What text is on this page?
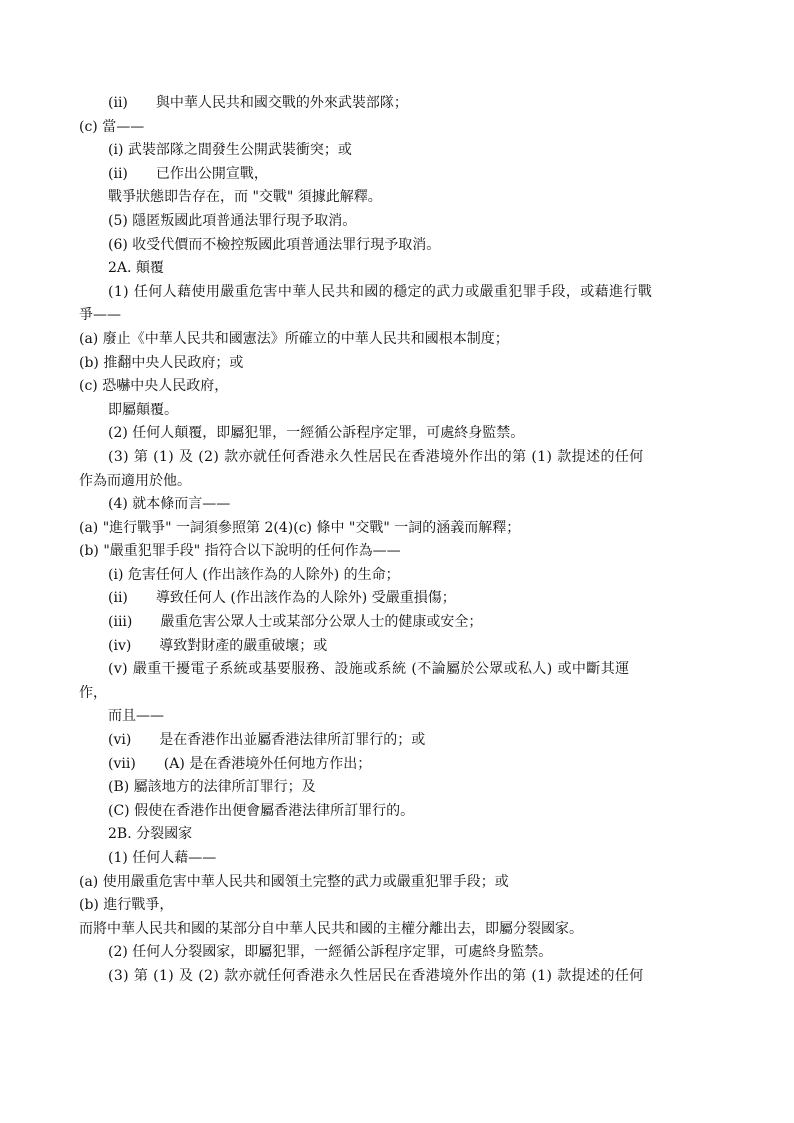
(ii)　　與中華人民共和國交戰的外來武裝部隊；
(c) 當——
(i) 武裝部隊之間發生公開武裝衝突；或
(ii)　　已作出公開宣戰，
戰爭狀態即告存在，而 "交戰" 須據此解釋。
(5) 隱匿叛國此項普通法罪行現予取消。
(6) 收受代價而不檢控叛國此項普通法罪行現予取消。
2A. 顛覆
(1) 任何人藉使用嚴重危害中華人民共和國的穩定的武力或嚴重犯罪手段，或藉進行戰
爭——
(a) 廢止《中華人民共和國憲法》所確立的中華人民共和國根本制度；
(b) 推翻中央人民政府；或
(c) 恐嚇中央人民政府，
即屬顛覆。
(2) 任何人顛覆，即屬犯罪，一經循公訴程序定罪，可處終身監禁。
(3) 第 (1) 及 (2) 款亦就任何香港永久性居民在香港境外作出的第 (1) 款提述的任何
作為而適用於他。
(4) 就本條而言——
(a) "進行戰爭" 一詞須參照第 2(4)(c) 條中 "交戰" 一詞的涵義而解釋；
(b) "嚴重犯罪手段" 指符合以下說明的任何作為——
(i) 危害任何人 (作出該作為的人除外) 的生命；
(ii)　　導致任何人 (作出該作為的人除外) 受嚴重損傷；
(iii)　　嚴重危害公眾人士或某部分公眾人士的健康或安全；
(iv)　　導致對財產的嚴重破壞；或
(v) 嚴重干擾電子系統或基要服務、設施或系統 (不論屬於公眾或私人) 或中斷其運
作，
而且——
(vi)　　是在香港作出並屬香港法律所訂罪行的；或
(vii)　　(A) 是在香港境外任何地方作出；
(B) 屬該地方的法律所訂罪行；及
(C) 假使在香港作出便會屬香港法律所訂罪行的。
2B. 分裂國家
(1) 任何人藉——
(a) 使用嚴重危害中華人民共和國領土完整的武力或嚴重犯罪手段；或
(b) 進行戰爭，
而將中華人民共和國的某部分自中華人民共和國的主權分離出去，即屬分裂國家。
(2) 任何人分裂國家，即屬犯罪，一經循公訴程序定罪，可處終身監禁。
(3) 第 (1) 及 (2) 款亦就任何香港永久性居民在香港境外作出的第 (1) 款提述的任何
